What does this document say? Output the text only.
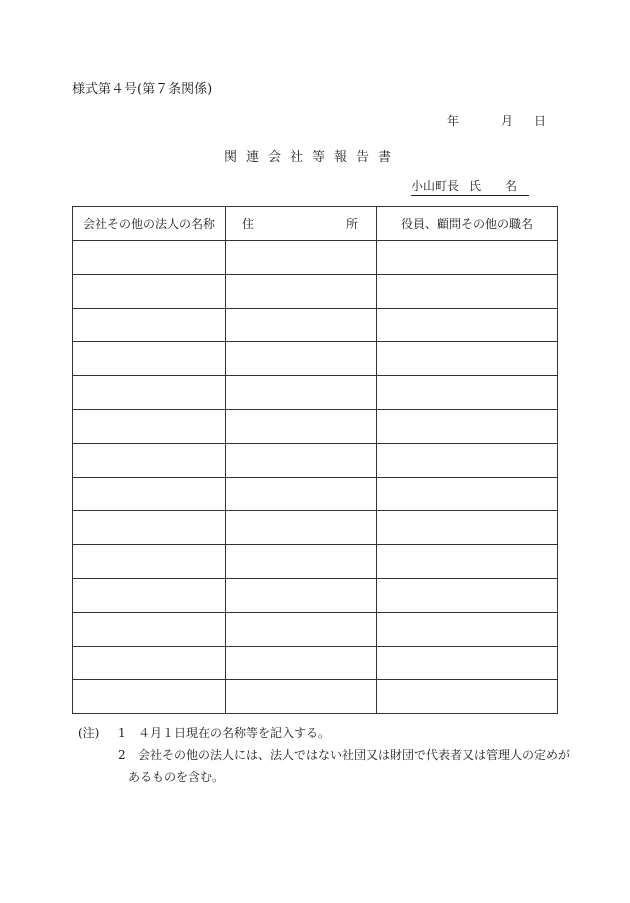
様式第４号(第７条関係)
年	月 日
関連会社等報告書
小山町長 氏 名
会社その他の法人の名称	住 所	役員、顧問その他の職名

(注)	1	４月１日現在の名称等を記入する。
2	会社その他の法人には、法人ではない社団又は財団で代表者又は管理人の定めが
あるものを含む。
